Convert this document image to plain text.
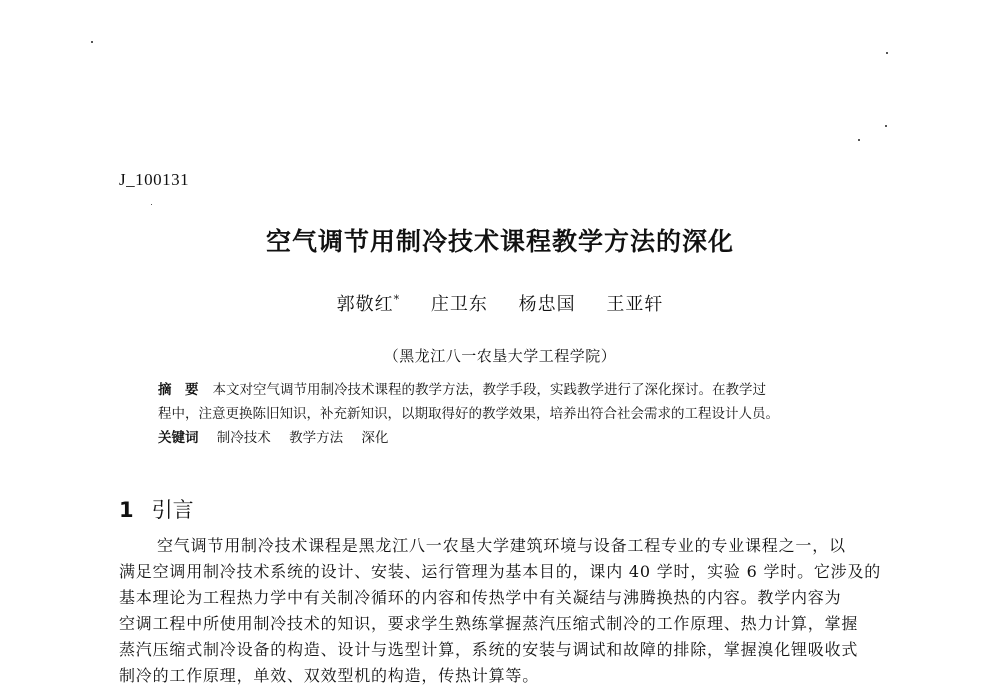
J_100131
空气调节用制冷技术课程教学方法的深化
郭敬红* 庄卫东 杨忠国 王亚轩
（黑龙江八一农垦大学工程学院）
摘　要 本文对空气调节用制冷技术课程的教学方法，教学手段，实践教学进行了深化探讨。在教学过
程中，注意更换陈旧知识，补充新知识，以期取得好的教学效果，培养出符合社会需求的工程设计人员。
关键词 制冷技术 教学方法 深化
1 引言
空气调节用制冷技术课程是黑龙江八一农垦大学建筑环境与设备工程专业的专业课程之一，以
满足空调用制冷技术系统的设计、安装、运行管理为基本目的，课内 40 学时，实验 6 学时。它涉及的
基本理论为工程热力学中有关制冷循环的内容和传热学中有关凝结与沸腾换热的内容。教学内容为
空调工程中所使用制冷技术的知识，要求学生熟练掌握蒸汽压缩式制冷的工作原理、热力计算，掌握
蒸汽压缩式制冷设备的构造、设计与选型计算，系统的安装与调试和故障的排除，掌握溴化锂吸收式
制冷的工作原理，单效、双效型机的构造，传热计算等。
